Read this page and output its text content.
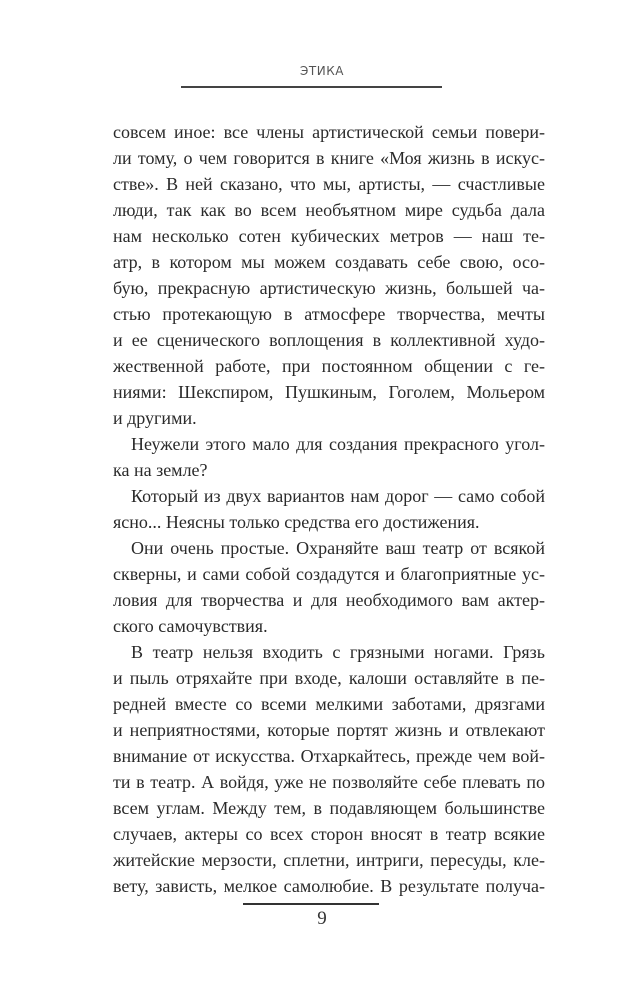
ЭТИКА
совсем иное: все члены артистической семьи повери-
ли тому, о чем говорится в книге «Моя жизнь в искус-
стве». В ней сказано, что мы, артисты, — счастливые
люди, так как во всем необъятном мире судьба дала
нам несколько сотен кубических метров — наш те-
атр, в котором мы можем создавать себе свою, осо-
бую, прекрасную артистическую жизнь, большей ча-
стью протекающую в атмосфере творчества, мечты
и ее сценического воплощения в коллективной худо-
жественной работе, при постоянном общении с ге-
ниями: Шекспиром, Пушкиным, Гоголем, Мольером
и другими.
Неужели этого мало для создания прекрасного угол-
ка на земле?
Который из двух вариантов нам дорог — само собой
ясно... Неясны только средства его достижения.
Они очень простые. Охраняйте ваш театр от всякой
скверны, и сами собой создадутся и благоприятные ус-
ловия для творчества и для необходимого вам актер-
ского самочувствия.
В театр нельзя входить с грязными ногами. Грязь
и пыль отряхайте при входе, калоши оставляйте в пе-
редней вместе со всеми мелкими заботами, дрязгами
и неприятностями, которые портят жизнь и отвлекают
внимание от искусства. Отхаркайтесь, прежде чем вой-
ти в театр. А войдя, уже не позволяйте себе плевать по
всем углам. Между тем, в подавляющем большинстве
случаев, актеры со всех сторон вносят в театр всякие
житейские мерзости, сплетни, интриги, пересуды, кле-
вету, зависть, мелкое самолюбие. В результате получа-
9
